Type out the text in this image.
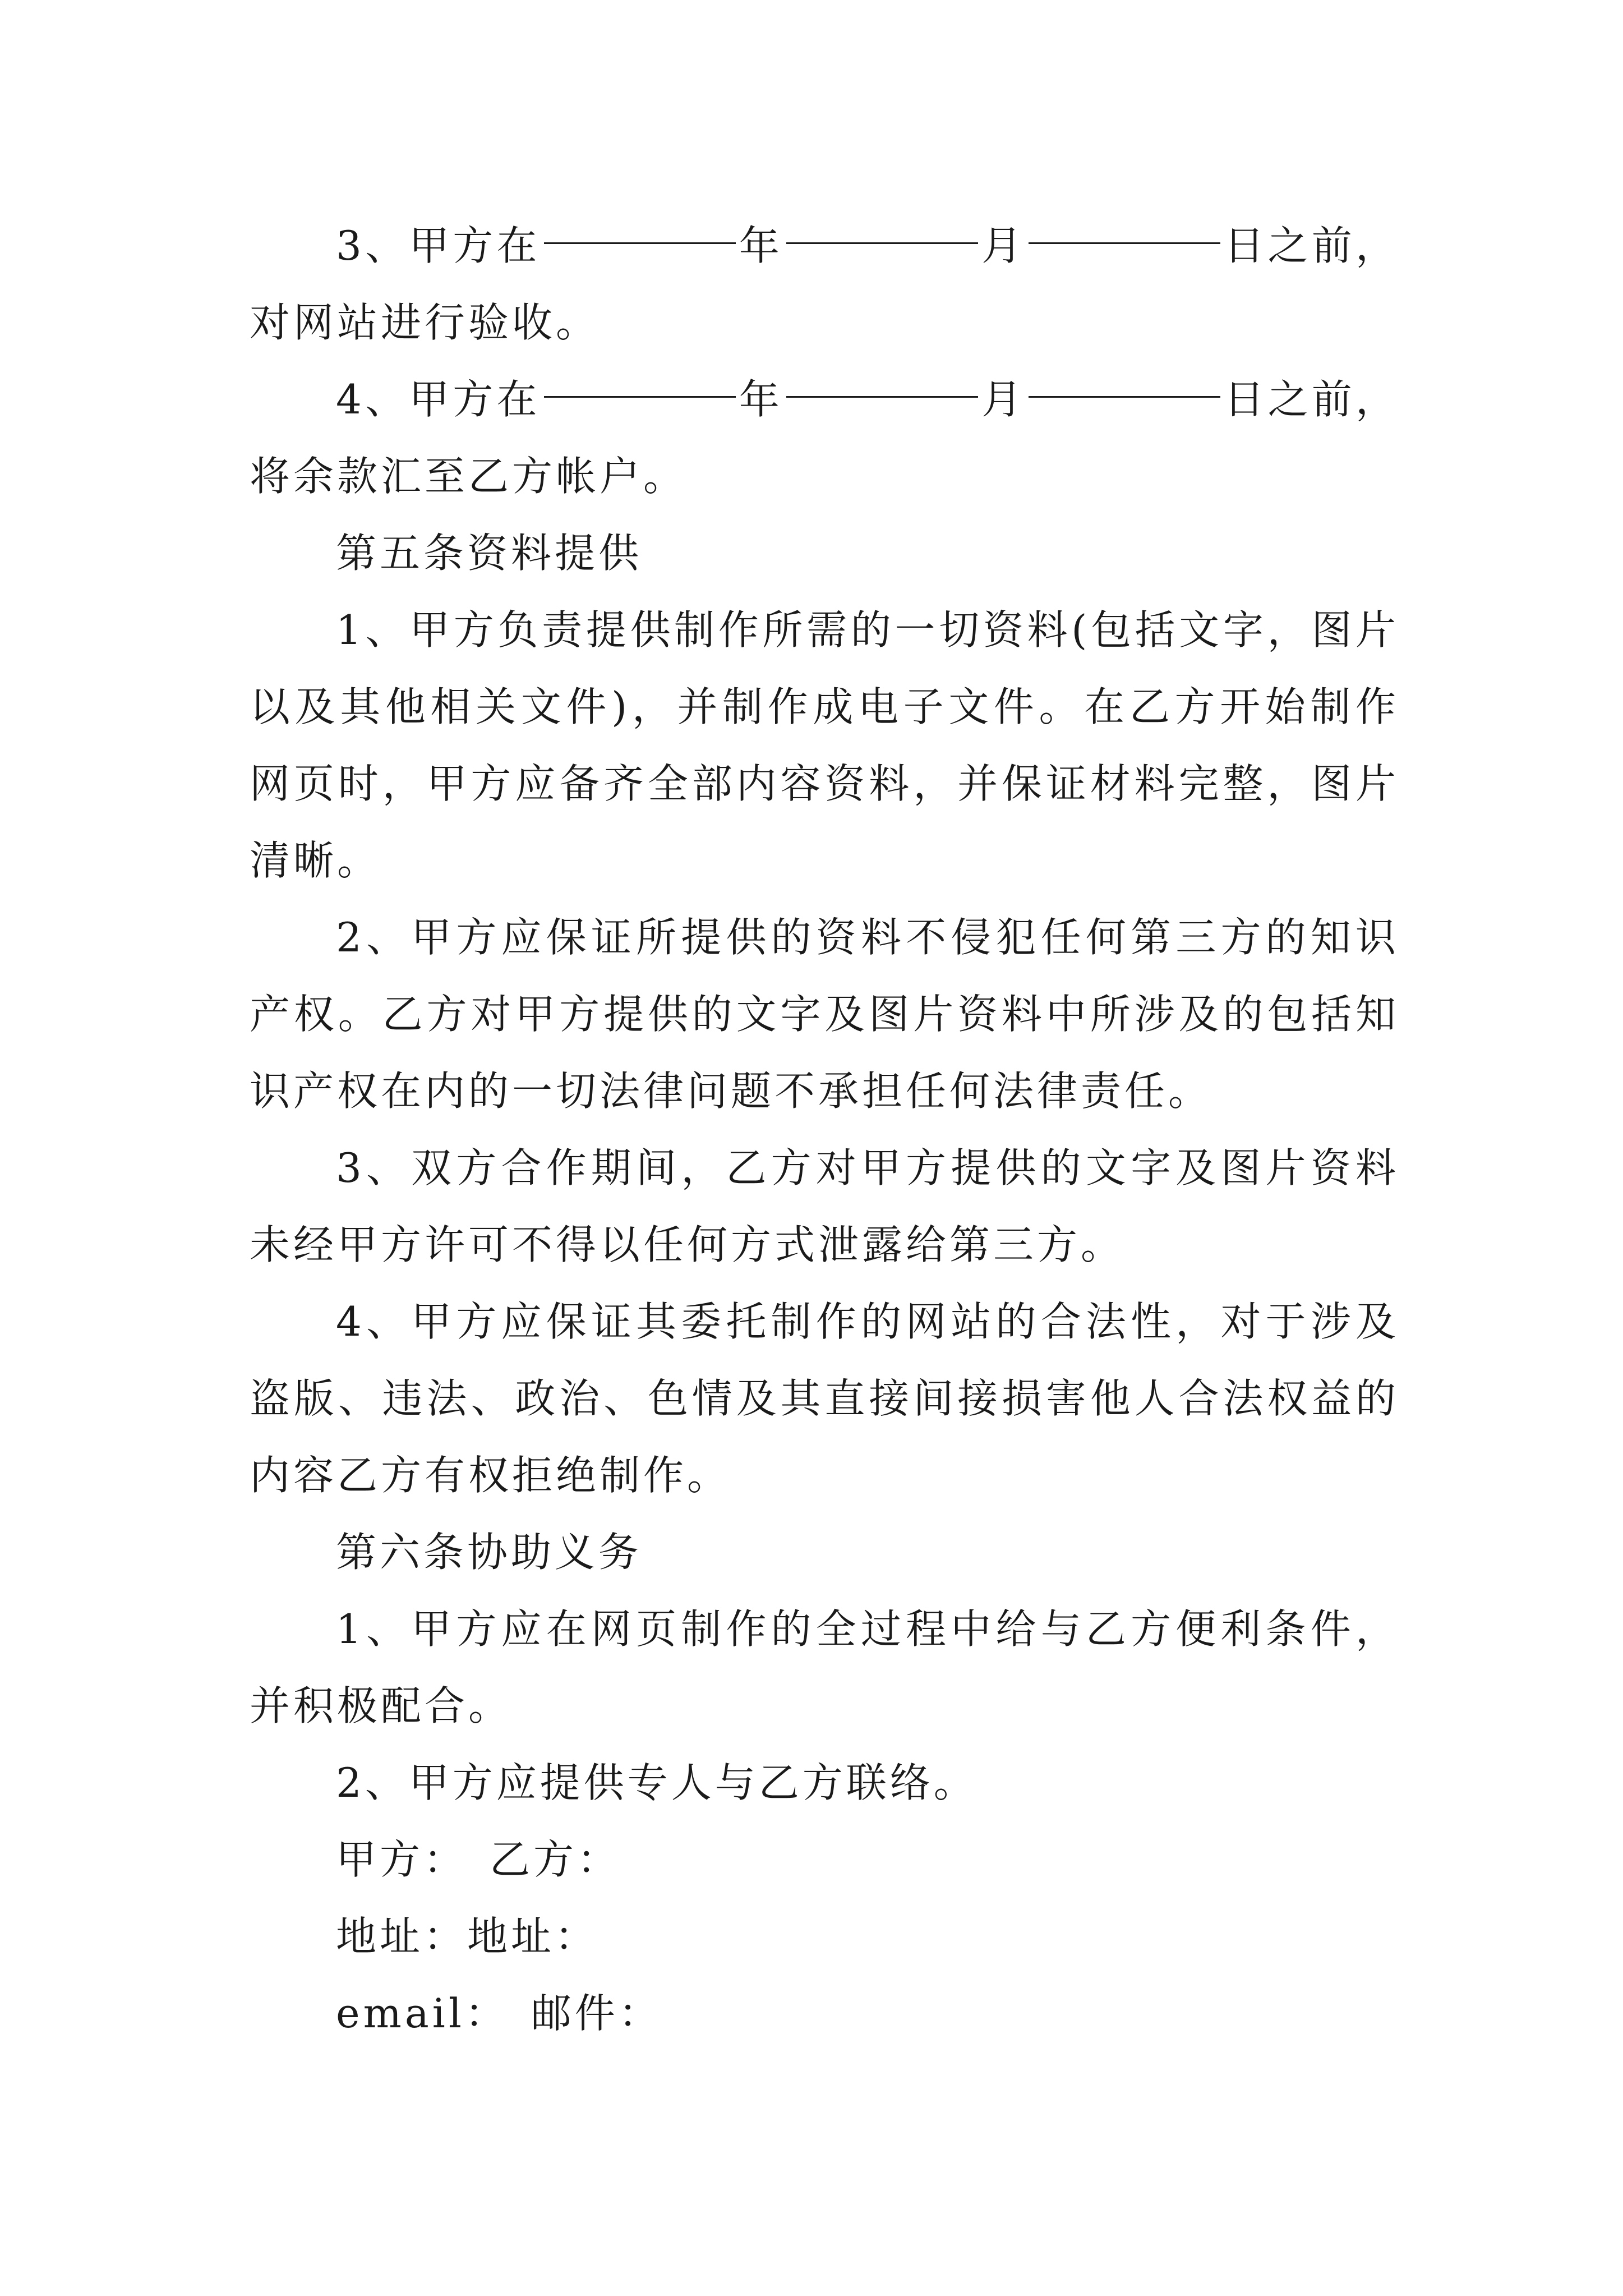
3、甲方在	年	月	日之前，对网站进行验收。

4、甲方在	年	月	日之前，将余款汇至乙方帐户。

第五条资料提供

1、甲方负责提供制作所需的一切资料(包括文字，图片以及其他相关文件)，并制作成电子文件。在乙方开始制作网页时，甲方应备齐全部内容资料，并保证材料完整，图片清晰。

2、甲方应保证所提供的资料不侵犯任何第三方的知识产权。乙方对甲方提供的文字及图片资料中所涉及的包括知识产权在内的一切法律问题不承担任何法律责任。

3、双方合作期间，乙方对甲方提供的文字及图片资料未经甲方许可不得以任何方式泄露给第三方。

4、甲方应保证其委托制作的网站的合法性，对于涉及盗版、违法、政治、色情及其直接间接损害他人合法权益的内容乙方有权拒绝制作。

第六条协助义务

1、甲方应在网页制作的全过程中给与乙方便利条件，并积极配合。

2、甲方应提供专人与乙方联络。

甲方： 乙方：

地址：地址：

email： 邮件：
